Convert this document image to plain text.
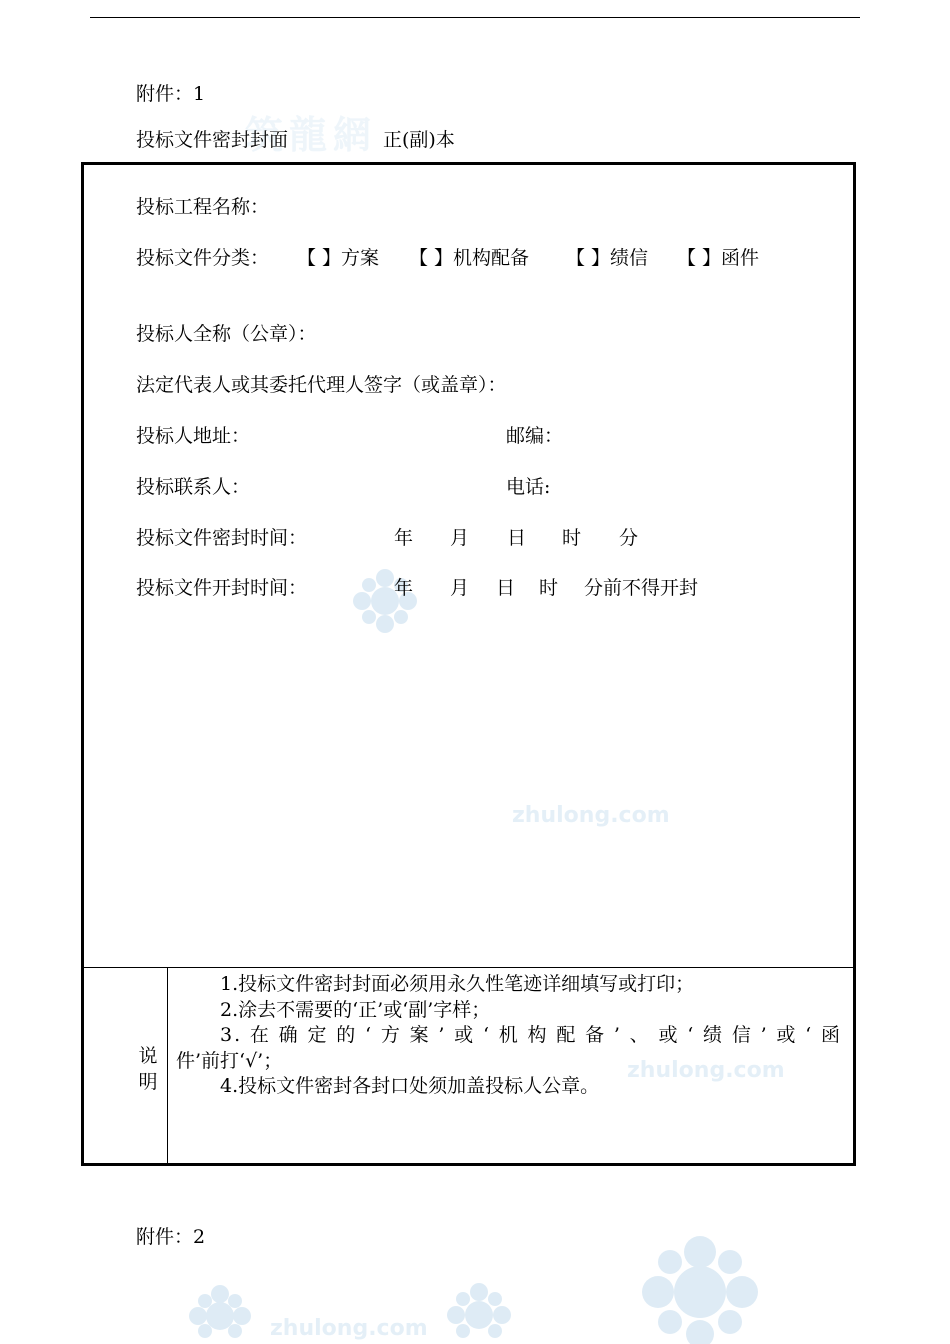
筑龍網
zhulong.com
zhulong.com
zhulong.com
附件：1
投标文件密封封面	正(副)本
投标工程名称：
投标文件分类： 【 】方案 【 】机构配备 【 】绩信 【 】函件
投标人全称（公章）：
法定代表人或其委托代理人签字（或盖章）：
投标人地址：	邮编：
投标联系人：	电话:
投标文件密封时间：	年 月 日 时 分
投标文件开封时间：	年 月 日 时 分前不得开封
说明

1.投标文件密封封面必须用永久性笔迹详细填写或打印；

2.涂去不需要的‘正’或‘副’字样；

3.在确定的‘方案’或‘机构配备’、或‘绩信’或‘函

件’前打‘√’；

4.投标文件密封各封口处须加盖投标人公章。

附件：2
